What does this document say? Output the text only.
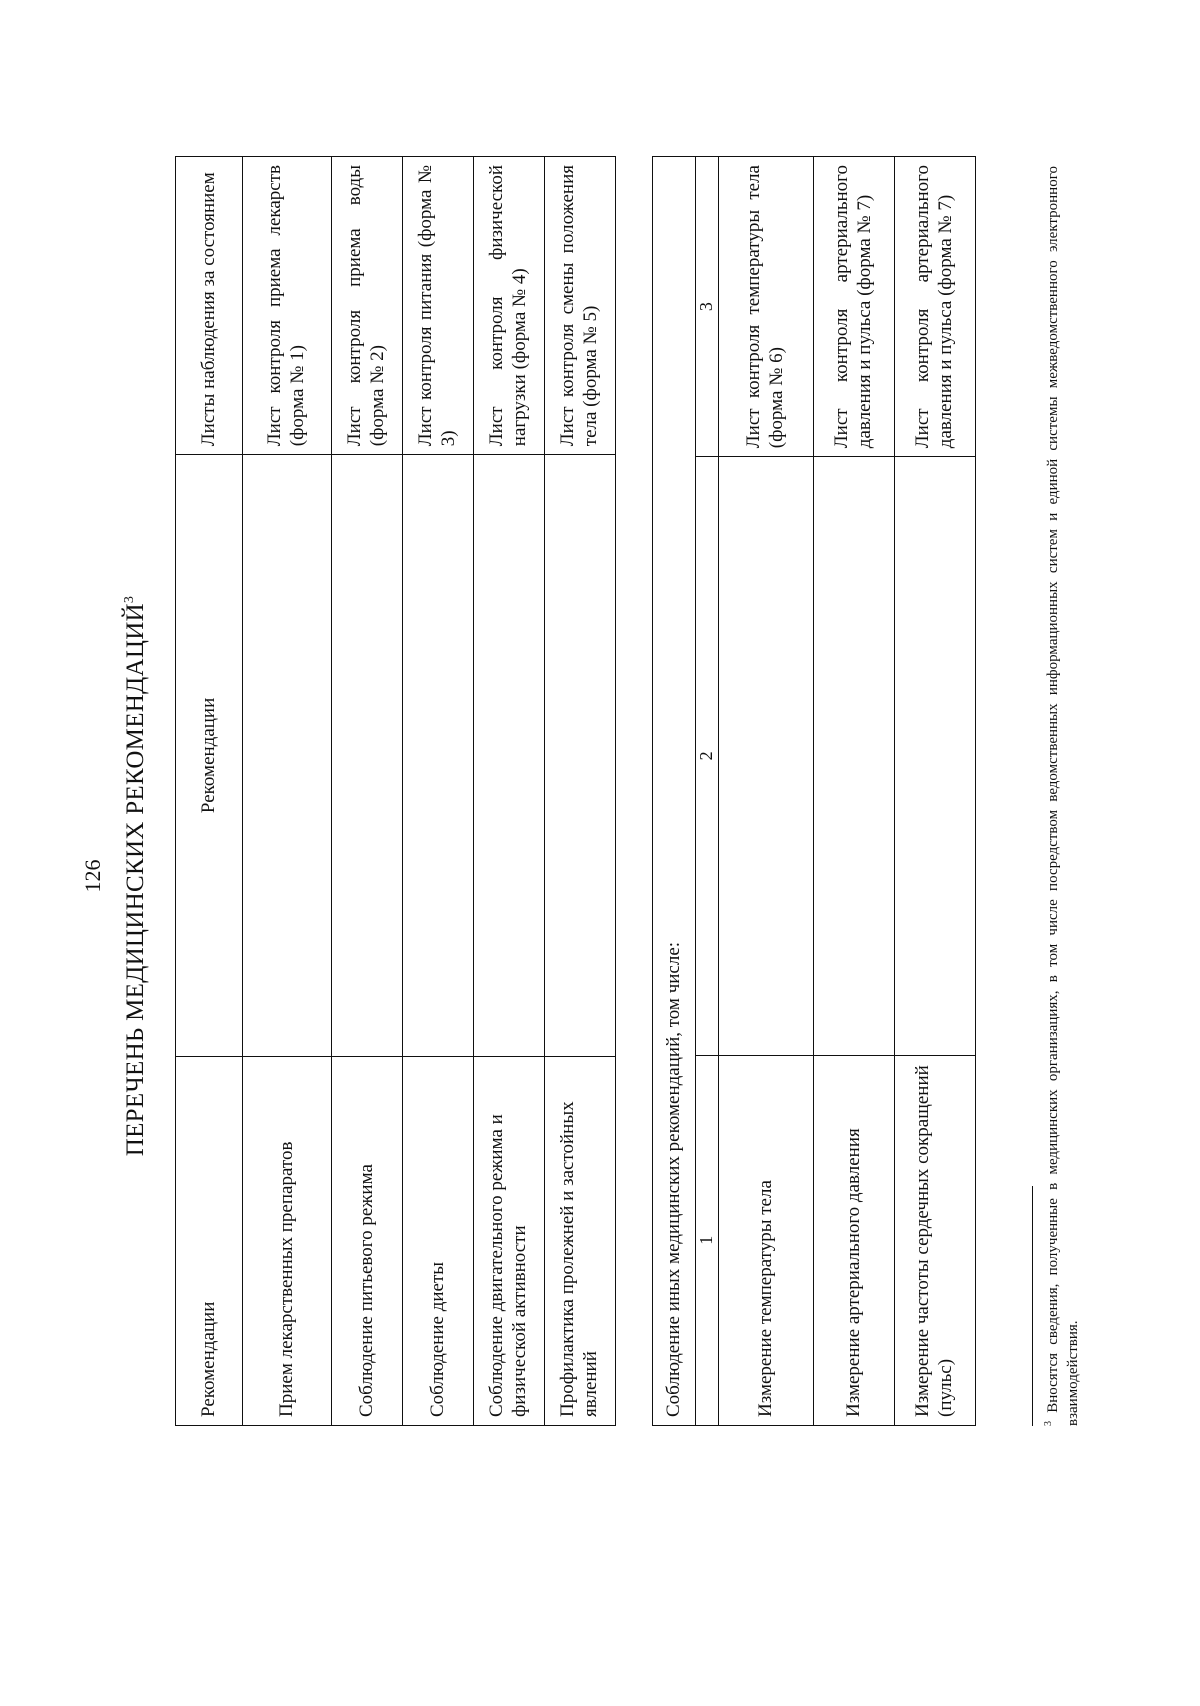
126 ПЕРЕЧЕНЬ МЕДИЦИНСКИХ РЕКОМЕНДАЦИЙ$^3$
Рекомендации	Рекомендации	Листы наблюдения за состоянием
Прием лекарственных препаратов		Лист контроля приема лекарств (форма № 1)
Соблюдение питьевого режима		Лист контроля приема воды (форма № 2)
Соблюдение диеты		Лист контроля питания (форма № 3)
Соблюдение двигательного режима и физической активности		Лист контроля физической нагрузки (форма № 4)
Профилактика пролежней и застойных явлений		Лист контроля смены положения тела (форма № 5)
Соблюдение иных медицинских рекомендаций, том числе:		
1	2	3
Измерение температуры тела		Лист контроля температуры тела (форма № 6)
Измерение артериального давления		Лист контроля артериального давления и пульса (форма № 7)
Измерение частоты сердечных сокращений (пульс)		Лист контроля артериального давления и пульса (форма № 7)
$^3$ Вносятся сведения, полученные в медицинских организациях, в том числе посредством ведомственных информационных систем и единой системы межведомственного электронного взаимодействия.
